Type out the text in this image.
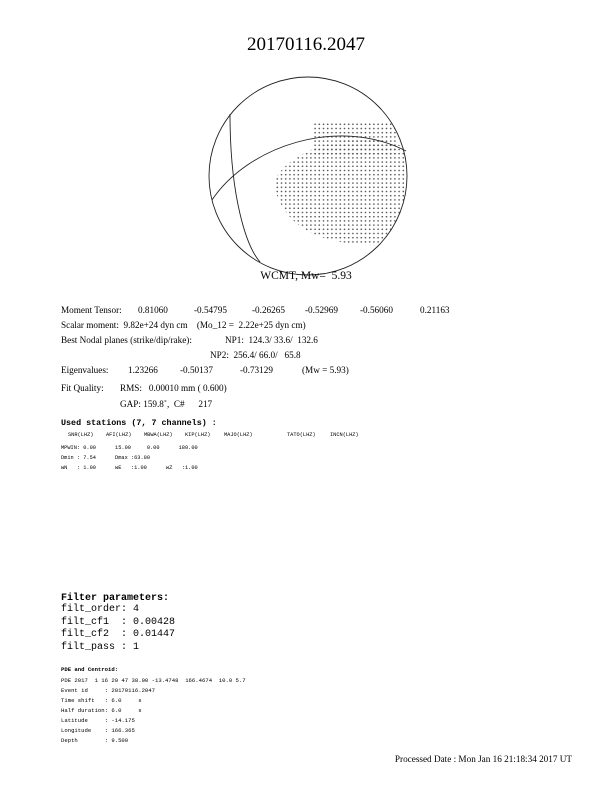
20170116.2047
WCMT, Mw=  5.93
Moment Tensor: 0.81060	-0.54795	-0.26265 -0.52969 -0.56060	0.21163
Scalar moment:  9.82e+24 dyn cm    (Mo_12 =  2.22e+25 dyn cm)
Best Nodal planes (strike/dip/rake):	NP1:  124.3/ 33.6/  132.6
NP2:  256.4/ 66.0/   65.8
Eigenvalues: 1.23266 -0.50137	-0.73129	(Mw = 5.93)
Fit Quality: RMS:   0.00010 mm ( 0.600)
GAP: 159.8˚,  C#      217
Used stations (7, 7 channels) :
SNR(LHZ) AFI(LHZ) MBWA(LHZ) KIP(LHZ)	MAJO(LHZ)	TATO(LHZ)	INCN(LHZ)
MPWIN: 0.00      15.00     0.00      180.00
Dmin : 7.54      Dmax :63.00
wN   : 1.00      wE   :1.00      wZ   :1.00
Filter parameters:
filt_order: 4
filt_cf1  : 0.00428
filt_cf2  : 0.01447
filt_pass : 1
PDE and Centroid:
PDE 2017  1 16 20 47 38.00 -13.4748  166.4674  10.0 5.7
Event id     : 20170116.2047
Time shift   : 6.0     s
Half duration: 6.0     s
Latitude     : -14.175
Longitude    : 166.365
Depth        : 9.500
Processed Date : Mon Jan 16 21:18:34 2017 UT
